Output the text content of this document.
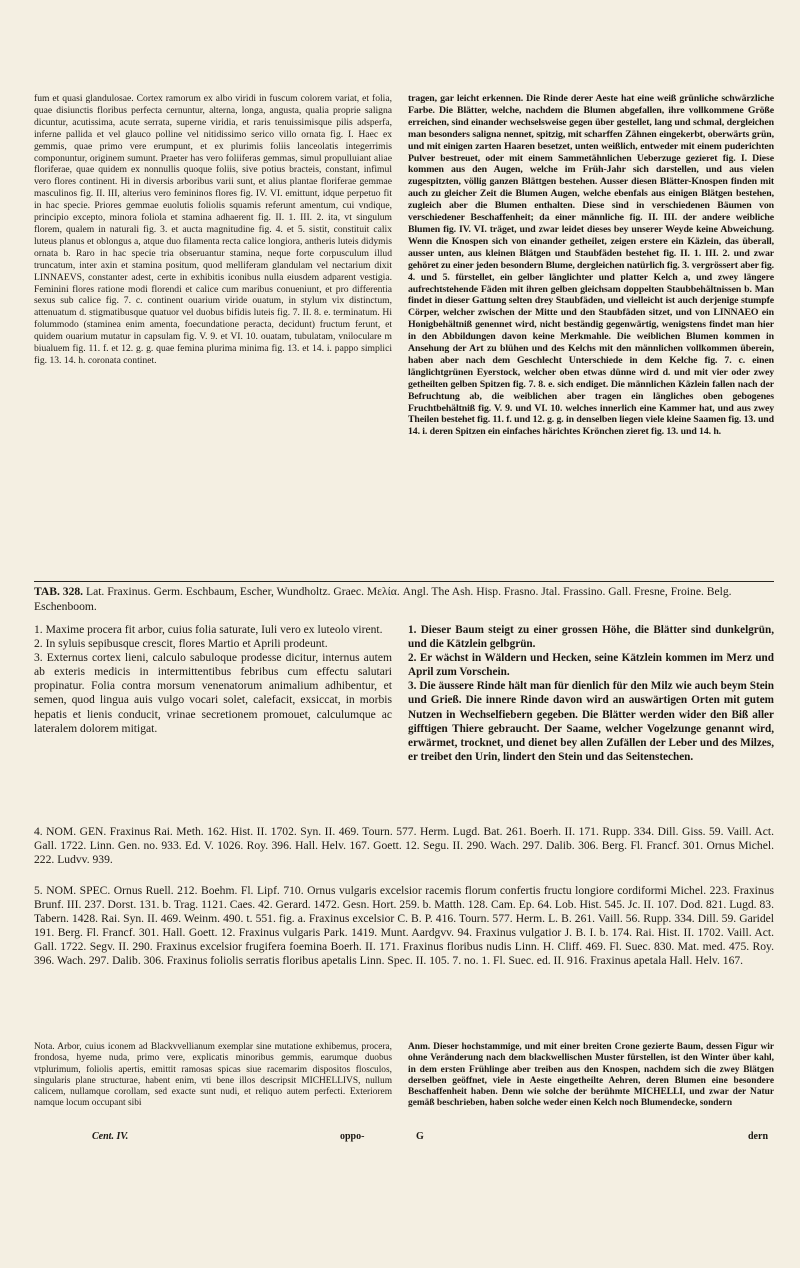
fum et quasi glandulosae. Cortex ramorum ex albo viridi in fuscum colorem variat, et folia, quae disiunctis floribus perfecta cernuntur, alterna, longa, angusta, qualia proprie saligna dicuntur, acutissima, acute serrata, superne viridia, et raris tenuissimisque pilis adsperfa, inferne pallida et vel glauco polline vel nitidissimo serico villo ornata fig. I. Haec ex gemmis, quae primo vere erumpunt, et ex plurimis foliis lanceolatis integerrimis componuntur, originem sumunt. Praeter has vero foliiferas gemmas, simul propulluiant aliae floriferae, quae quidem ex nonnullis quoque foliis, sive potius bracteis, constant, infimul vero flores continent. Hi in diversis arboribus varii sunt, et alius plantae floriferae gemmae masculinos fig. II. III, alterius vero femininos flores fig. IV. VI. emittunt, idque perpetuo fit in hac specie. Priores gemmae euolutis foliolis squamis referunt amentum, cui vndique, principio excepto, minora foliola et staminа adhaerent fig. II. 1. III. 2. ita, vt singulum florem, qualem in naturali fig. 3. et aucta magnitudine fig. 4. et 5. sistit, constituit calix luteus planus et oblongus a, atque duo filamentа recta calice longiora, antheris luteis didymis ornata b. Raro in hac specie tria obseruantur stamina, neque forte corpusculum illud truncatum, inter axin et stamina positum, quod melliferam glandulam vel nectarium dixit LINNAEVS, constanter adest, certe in exhibitis iconibus nulla eiusdem adparent vestigia. Feminini flores ratione modi florendi et calice cum maribus conueniunt, et pro differentia sexus sub calice fig. 7. c. continent ouarium viride ouatum, in stylum vix distinctum, attenuatum d. stigmatibusque quatuor vel duobus bifidis luteis fig. 7. II. 8. e. terminatum. Hi folummodo (staminea enim amenta, foecundatione peracta, decidunt) fructum ferunt, et quidem ouarium mutatur in capsulam fig. V. 9. et VI. 10. ouatam, tubulatam, vniloculare m biualuem fig. 11. f. et 12. g. g. quae femina plurima minima fig. 13. et 14. i. pappo simplici fig. 13. 14. h. coronata continet.

tragen, gar leicht erkennen. Die Rinde derer Aeste hat eine weiß grünliche schwärzliche Farbe. Die Blätter, welche, nachdem die Blumen abgefallen, ihre vollkommene Größe erreichen, sind einander wechselsweise gegen über gestellet, lang und schmal, dergleichen man besonders saligna nennet, spitzig, mit scharffen Zähnen eingekerbt, oberwärts grün, und mit einigen zarten Haaren besetzet, unten weißlich, entweder mit einem puderichten Pulver bestreuet, oder mit einem Sammetähnlichen Ueberzuge gezieret fig. I. Diese kommen aus den Augen, welche im Früh-Jahr sich darstellen, und aus vielen zugespitzten, völlig ganzen Blättgen bestehen. Ausser diesen Blätter-Knospen finden mit auch zu gleicher Zeit die Blumen Augen, welche ebenfals aus einigen Blätgen bestehen, zugleich aber die Blumen enthalten. Diese sind in verschiedenen Bäumen von verschiedener Beschaffenheit; da einer männliche fig. II. III. der andere weibliche Blumen fig. IV. VI. träget, und zwar leidet dieses bey unserer Weyde keine Abweichung. Wenn die Knospen sich von einander getheilet, zeigen erstere ein Käzlein, das überall, ausser unten, aus kleinen Blätgen und Staubfäden bestehet fig. II. 1. III. 2. und zwar gehöret zu einer jeden besondern Blume, dergleichen natürlich fig. 3. vergrössert aber fig. 4. und 5. fürstellet, ein gelber länglichter und platter Kelch a, und zwey längere aufrechtstehende Fäden mit ihren gelben gleichsam doppelten Staubbehältnissen b. Man findet in dieser Gattung selten drey Staubfäden, und vielleicht ist auch derjenige stumpfe Cörper, welcher zwischen der Mitte und den Staubfäden sitzet, und von LINNAEO ein Honigbehältniß genennet wird, nicht beständig gegenwärtig, wenigstens findet man hier in den Abbildungen davon keine Merkmahle. Die weiblichen Blumen kommen in Ansehung der Art zu blühen und des Kelchs mit den männlichen vollkommen überein, haben aber nach dem Geschlecht Unterschiede in dem Kelche fig. 7. c. einen länglichtgrünen Eyerstock, welcher oben etwas dünne wird d. und mit vier oder zwey getheilten gelben Spitzen fig. 7. 8. e. sich endiget. Die männlichen Käzlein fallen nach der Befruchtung ab, die weiblichen aber tragen ein längliches oben gebogenes Fruchtbehältniß fig. V. 9. und VI. 10. welches innerlich eine Kammer hat, und aus zwey Theilen bestehet fig. 11. f. und 12. g. g. in denselben liegen viele kleine Saamen fig. 13. und 14. i. deren Spitzen ein einfaches härichtes Krönchen zieret fig. 13. und 14. h.

TAB. 328. Lat. Fraxinus. Germ. Eschbaum, Escher, Wundholtz. Graec. Μελία. Angl. The Ash. Hisp. Frasno. Jtal. Frassino. Gall. Fresne, Froine. Belg. Eschenboom.

1. Maxime procera fit arbor, cuius folia saturate, Iuli vero ex luteolo virent.

2. In syluis sepibusque crescit, flores Martio et Aprili prodeunt.

3. Externus cortex lieni, calculo sabuloque prodesse dicitur, internus autem ab exteris medicis in intermittentibus febribus cum effectu salutari propinatur. Folia contra morsum venenatorum animalium adhibentur, et semen, quod lingua auis vulgo vocari solet, calefacit, exsiccat, in morbis hepatis et lienis conducit, vrinae secretionem promouet, calculumque ac lateralem dolorem mitigat.

1. Dieser Baum steigt zu einer grossen Höhe, die Blätter sind dunkelgrün, und die Kätzlein gelbgrün.

2. Er wächst in Wäldern und Hecken, seine Kätzlein kommen im Merz und April zum Vorschein.

3. Die äussere Rinde hält man für dienlich für den Milz wie auch beym Stein und Grieß. Die innere Rinde davon wird an auswärtigen Orten mit gutem Nutzen in Wechselfiebern gegeben. Die Blätter werden wider den Biß aller gifftigen Thiere gebraucht. Der Saame, welcher Vogelzunge genannt wird, erwärmet, trocknet, und dienet bey allen Zufällen der Leber und des Milzes, er treibet den Urin, lindert den Stein und das Seitenstechen.

4. NOM. GEN. Fraxinus Rai. Meth. 162. Hist. II. 1702. Syn. II. 469. Tourn. 577. Herm. Lugd. Bat. 261. Boerh. II. 171. Rupp. 334. Dill. Giss. 59. Vaill. Act. Gall. 1722. Linn. Gen. no. 933. Ed. V. 1026. Roy. 396. Hall. Helv. 167. Goett. 12. Segu. II. 290. Wach. 297. Dalib. 306. Berg. Fl. Francf. 301. Ornus Michel. 222. Ludvv. 939.

5. NOM. SPEC. Ornus Ruell. 212. Boehm. Fl. Lipf. 710. Ornus vulgaris excelsior racemis florum confertis fructu longiore cordiformi Michel. 223. Fraxinus Brunf. III. 237. Dorst. 131. b. Trag. 1121. Caes. 42. Gerard. 1472. Gesn. Hort. 259. b. Matth. 128. Cam. Ep. 64. Lob. Hist. 545. Jc. II. 107. Dod. 821. Lugd. 83. Tabern. 1428. Rai. Syn. II. 469. Weinm. 490. t. 551. fig. a. Fraxinus excelsior C. B. P. 416. Tourn. 577. Herm. L. B. 261. Vaill. 56. Rupp. 334. Dill. 59. Garidel 191. Berg. Fl. Francf. 301. Hall. Goett. 12. Fraxinus vulgaris Park. 1419. Munt. Aardgvv. 94. Fraxinus vulgatior J. B. I. b. 174. Rai. Hist. II. 1702. Vaill. Act. Gall. 1722. Segv. II. 290. Fraxinus excelsior frugifera foemina Boerh. II. 171. Fraxinus floribus nudis Linn. H. Cliff. 469. Fl. Suec. 830. Mat. med. 475. Roy. 396. Wach. 297. Dalib. 306. Fraxinus foliolis serratis floribus apetalis Linn. Spec. II. 105. 7. no. 1. Fl. Suec. ed. II. 916. Fraxinus apetala Hall. Helv. 167.

Nota. Arbor, cuius iconem ad Blackvvellianum exemplar sine mutatione exhibemus, procera, frondosa, hyeme nuda, primo vere, explicatis minoribus gemmis, earumque duobus vtplurimum, foliolis apertis, emittit ramosas spicas siue racemarim dispositos flosculos, singularis plane structurae, habent enim, vti bene illos descripsit MICHELLIVS, nullum calicem, nullamque corollam, sed exacte sunt nudi, et reliquo autem perfecti. Exteriorem namque locum occupant sibi

Anm. Dieser hochstammige, und mit einer breiten Crone gezierte Baum, dessen Figur wir ohne Veränderung nach dem blackwellischen Muster fürstellen, ist den Winter über kahl, in dem ersten Frühlinge aber treiben aus den Knospen, nachdem sich die zwey Blätgen derselben geöffnet, viele in Aeste eingetheilte Aehren, deren Blumen eine besondere Beschaffenheit haben. Denn wie solche der berühmte MICHELLI, und zwar der Natur gemäß beschrieben, haben solche weder einen Kelch noch Blumendecke, sondern

Cent. IV.	oppo-	G	dern
